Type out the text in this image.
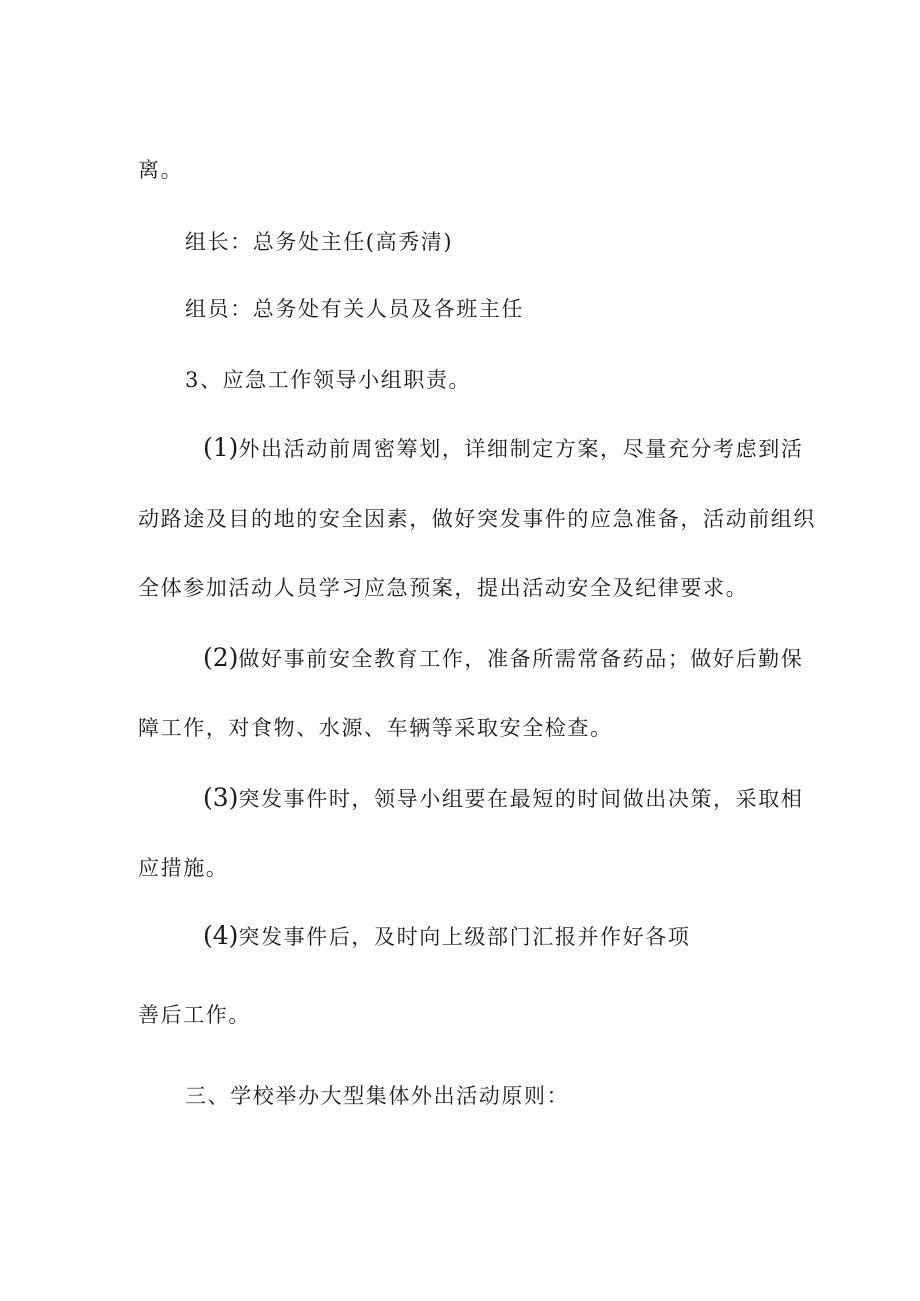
离。
组长：总务处主任(高秀清)
组员：总务处有关人员及各班主任
3、应急工作领导小组职责。
(1)外出活动前周密筹划，详细制定方案，尽量充分考虑到活
动路途及目的地的安全因素，做好突发事件的应急准备，活动前组织
全体参加活动人员学习应急预案，提出活动安全及纪律要求。
(2)做好事前安全教育工作，准备所需常备药品；做好后勤保
障工作，对食物、水源、车辆等采取安全检查。
(3)突发事件时，领导小组要在最短的时间做出决策，采取相
应措施。
(4)突发事件后，及时向上级部门汇报并作好各项
善后工作。
三、学校举办大型集体外出活动原则：
